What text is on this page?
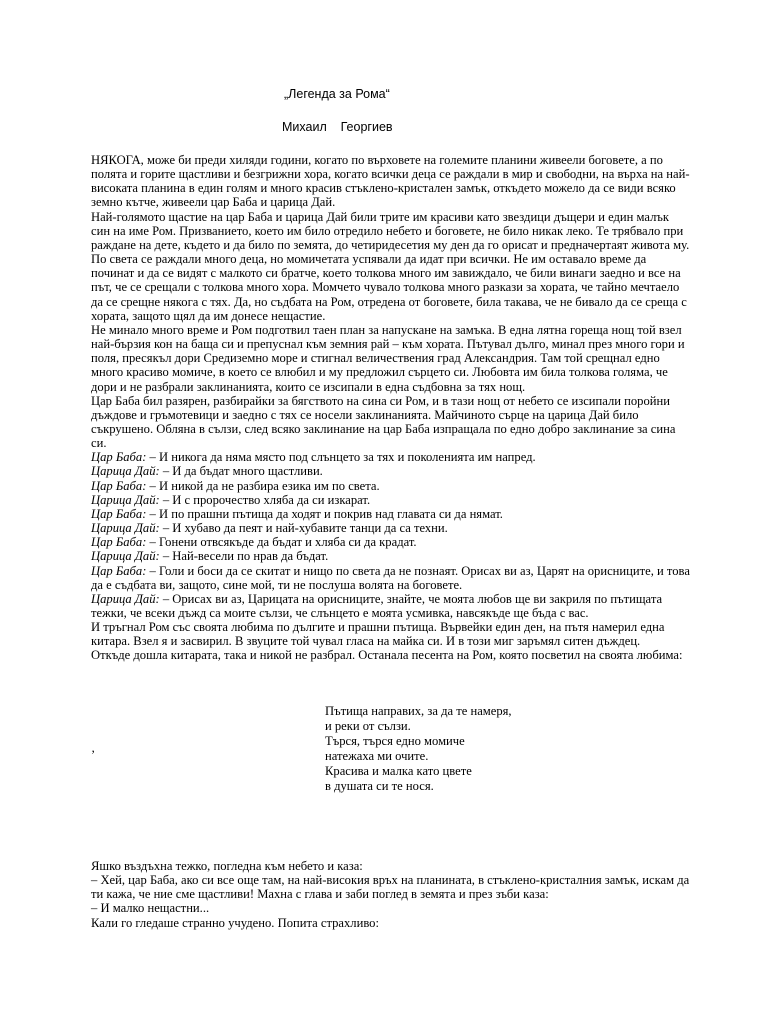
„Легенда за Рома“
Михаил    Георгиев

НЯКОГА, може би преди хиляди години, когато по върховете на големите планини живеели боговете, а по полята и горите щастливи и безгрижни хора, когато всички деца се раждали в мир и свободни, на върха на най-високата планина в един голям и много красив стъклено-кристален замък, откъдето можело да се види всяко земно кътче, живеели цар Баба и царица Дай.

Най-голямото щастие на цар Баба и царица Дай били трите им красиви като звездици дъщери и един малък син на име Ром. Призванието, което им било отредило небето и боговете, не било никак леко. Те трябвало при раждане на дете, където и да било по земята, до четиридесетия му ден да го орисат и предначертаят живота му. По света се раждали много деца, но момичетата успявали да идат при всички. Не им оставало време да починат и да се видят с малкото си братче, което толкова много им завиждало, че били винаги заедно и все на път, че се срещали с толкова много хора. Момчето чувало толкова много разкази за хората, че тайно мечтаело да се срещне някога с тях. Да, но съдбата на Ром, отредена от боговете, била такава, че не бивало да се среща с хората, защото щял да им донесе нещастие.

Не минало много време и Ром подготвил таен план за напускане на замъка. В една лятна гореща нощ той взел най-бързия кон на баща си и препуснал към земния рай – към хората. Пътувал дълго, минал през много гори и поля, пресякъл дори Средиземно море и стигнал величествения град Александрия. Там той срещнал едно много красиво момиче, в което се влюбил и му предложил сърцето си. Любовта им била толкова голяма, че дори и не разбрали заклинанията, които се изсипали в една съдбовна за тях нощ.

Цар Баба бил разярен, разбирайки за бягството на сина си Ром, и в тази нощ от небето се изсипали поройни дъждове и гръмотевици и заедно с тях се носели заклинанията. Майчиното сърце на царица Дай било съкрушено. Обляна в сълзи, след всяко заклинание на цар Баба изпращала по едно добро заклинание за сина си.

Цар Баба: – И никога да няма място под слънцето за тях и поколенията им напред.

Царица Дай: – И да бъдат много щастливи.

Цар Баба: – И никой да не разбира езика им по света.

Царица Дай: – И с пророчество хляба да си изкарат.

Цар Баба: – И по прашни пътища да ходят и покрив над главата си да нямат.

Царица Дай: – И хубаво да пеят и най-хубавите танци да са техни.

Цар Баба: – Гонени отвсякъде да бъдат и хляба си да крадат.

Царица Дай: – Най-весели по нрав да бъдат.

Цар Баба: – Голи и боси да се скитат и нищо по света да не познаят. Орисах ви аз, Царят на орисниците, и това да е съдбата ви, защото, сине мой, ти не послуша волята на боговете.

Царица Дай: – Орисах ви аз, Царицата на орисниците, знайте, че моята любов ще ви закриля по пътищата тежки, че всеки дъжд са моите сълзи, че слънцето е моята усмивка, навсякъде ще бъда с вас.

И тръгнал Ром със своята любима по дългите и прашни пътища. Вървейки един ден, на пътя намерил една китара. Взел я и засвирил. В звуците той чувал гласа на майка си. И в този миг заръмял ситен дъждец.

Откъде дошла китарата, така и никой не разбрал. Останала песента на Ром, която посветил на своята любима:

‚

Пътища направих, за да те намеря,

и реки от сълзи.

Търся, търся едно момиче

натежаха ми очите.

Красива и малка като цвете

в душата си те нося.

Яшко въздъхна тежко, погледна към небето и каза:

– Хей, цар Баба, ако си все още там, на най-високия връх на планината, в стъклено-кристалния замък, искам да ти кажа, че ние сме щастливи! Махна с глава и заби поглед в земята и през зъби каза:

– И малко нещастни...

Кали го гледаше странно учудено. Попита страхливо:
